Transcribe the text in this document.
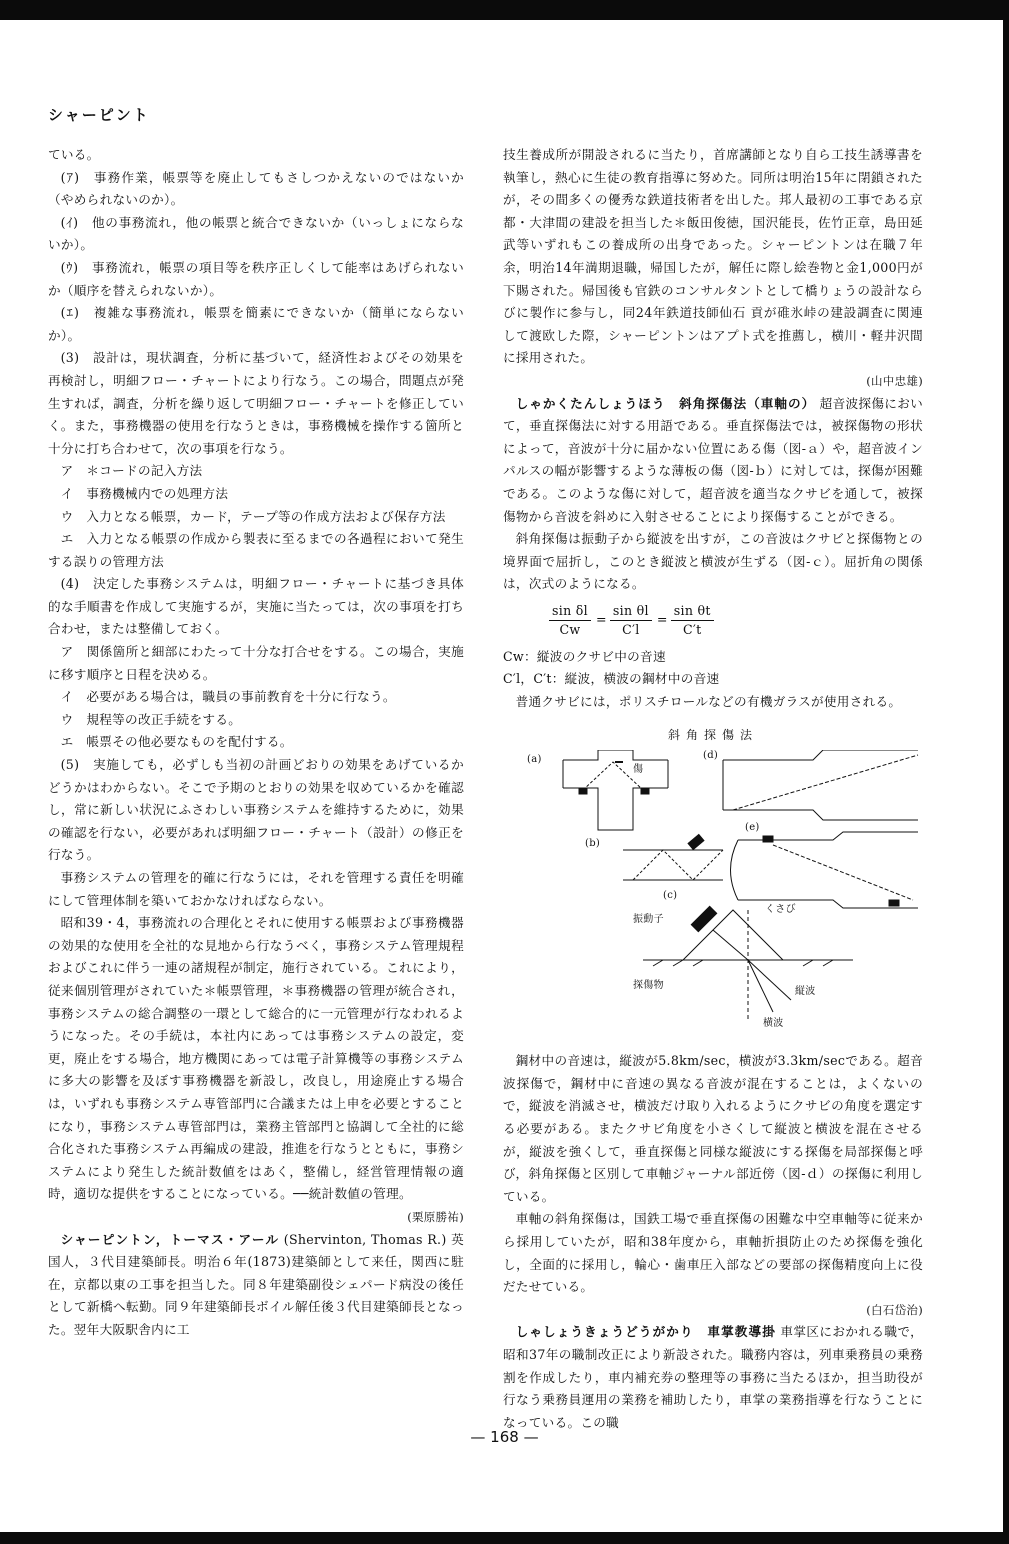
シャーピント

ている。

(ｱ)　事務作業，帳票等を廃止してもさしつかえないのではないか（やめられないのか）。

(ｲ)　他の事務流れ，他の帳票と統合できないか（いっしょにならないか）。

(ｳ)　事務流れ，帳票の項目等を秩序正しくして能率はあげられないか（順序を替えられないか）。

(ｴ)　複雑な事務流れ，帳票を簡素にできないか（簡単にならないか）。

(3)　設計は，現状調査，分析に基づいて，経済性およびその効果を再検討し，明細フロー・チャートにより行なう。この場合，問題点が発生すれば，調査，分析を繰り返して明細フロー・チャートを修正していく。また，事務機器の使用を行なうときは，事務機械を操作する箇所と十分に打ち合わせて，次の事項を行なう。

ア　＊コードの記入方法

イ　事務機械内での処理方法

ウ　入力となる帳票，カード，テープ等の作成方法および保存方法

エ　入力となる帳票の作成から製表に至るまでの各過程において発生する誤りの管理方法

(4)　決定した事務システムは，明細フロー・チャートに基づき具体的な手順書を作成して実施するが，実施に当たっては，次の事項を打ち合わせ，または整備しておく。

ア　関係箇所と細部にわたって十分な打合せをする。この場合，実施に移す順序と日程を決める。

イ　必要がある場合は，職員の事前教育を十分に行なう。

ウ　規程等の改正手続をする。

エ　帳票その他必要なものを配付する。

(5)　実施しても，必ずしも当初の計画どおりの効果をあげているかどうかはわからない。そこで予期のとおりの効果を収めているかを確認し，常に新しい状況にふさわしい事務システムを維持するために，効果の確認を行ない，必要があれば明細フロー・チャート（設計）の修正を行なう。

事務システムの管理を的確に行なうには，それを管理する責任を明確にして管理体制を築いておかなければならない。

昭和39・4，事務流れの合理化とそれに使用する帳票および事務機器の効果的な使用を全社的な見地から行なうべく，事務システム管理規程およびこれに伴う一連の諸規程が制定，施行されている。これにより，従来個別管理がされていた＊帳票管理，＊事務機器の管理が統合され，事務システムの総合調整の一環として総合的に一元管理が行なわれるようになった。その手続は，本社内にあっては事務システムの設定，変更，廃止をする場合，地方機関にあっては電子計算機等の事務システムに多大の影響を及ぼす事務機器を新設し，改良し，用途廃止する場合は，いずれも事務システム専管部門に合議または上申を必要とすることになり，事務システム専管部門は，業務主管部門と協調して全社的に総合化された事務システム再編成の建設，推進を行なうとともに，事務システムにより発生した統計数値をはあく，整備し，経営管理情報の適時，適切な提供をすることになっている。──統計数値の管理。

(栗原勝祐)

シャーピントン，トーマス・アール (Shervinton, Thomas R.) 英国人，３代目建築師長。明治６年(1873)建築師として来任，関西に駐在，京都以東の工事を担当した。同８年建築副役シェパード病没の後任として新橋へ転勤。同９年建築師長ボイル解任後３代目建築師長となった。翌年大阪駅舎内に工

技生養成所が開設されるに当たり，首席講師となり自ら工技生誘導書を執筆し，熱心に生徒の教育指導に努めた。同所は明治15年に閉鎖されたが，その間多くの優秀な鉄道技術者を出した。邦人最初の工事である京都・大津間の建設を担当した＊飯田俊徳，国沢能長，佐竹正章，島田延武等いずれもこの養成所の出身であった。シャーピントンは在職７年余，明治14年満期退職，帰国したが，解任に際し絵巻物と金1,000円が下賜された。帰国後も官鉄のコンサルタントとして橋りょうの設計ならびに製作に参与し，同24年鉄道技師仙石 貢が碓氷峠の建設調査に関連して渡欧した際，シャーピントンはアプト式を推薦し，横川・軽井沢間に採用された。

(山中忠雄)

しゃかくたんしょうほう　斜角探傷法（車軸の） 超音波探傷において，垂直探傷法に対する用語である。垂直探傷法では，被探傷物の形状によって，音波が十分に届かない位置にある傷（図-ａ）や，超音波インパルスの幅が影響するような薄板の傷（図-ｂ）に対しては，探傷が困難である。このような傷に対して，超音波を適当なクサビを通して，被探傷物から音波を斜めに入射させることにより探傷することができる。

斜角探傷は振動子から縦波を出すが，この音波はクサビと探傷物との境界面で屈折し，このとき縦波と横波が生ずる（図-ｃ）。屈折角の関係は，次式のようになる。

$\frac{\text{sin δl}}{Cw} = \frac{\text{sin θl}}{C'l} = \frac{\text{sin θt}}{C't}$

Cw：縦波のクサビ中の音速

C′l，C′t：縦波，横波の鋼材中の音速

普通クサビには，ポリスチロールなどの有機ガラスが使用される。

斜角探傷法
(a)
傷
(d)
(b)
(e)
(c)
振動子
くさび
探傷物
縦波
横波

鋼材中の音速は，縦波が5.8km/sec，横波が3.3km/secである。超音波探傷で，鋼材中に音速の異なる音波が混在することは，よくないので，縦波を消滅させ，横波だけ取り入れるようにクサビの角度を選定する必要がある。またクサビ角度を小さくして縦波と横波を混在させるが，縦波を強くして，垂直探傷と同様な縦波にする探傷を局部探傷と呼び，斜角探傷と区別して車軸ジャーナル部近傍（図-ｄ）の探傷に利用している。

車軸の斜角探傷は，国鉄工場で垂直探傷の困難な中空車軸等に従来から採用していたが，昭和38年度から，車軸折損防止のため探傷を強化し，全面的に採用し，輪心・歯車圧入部などの要部の探傷精度向上に役だたせている。

(白石岱治)

しゃしょうきょうどうがかり　車掌教導掛 車掌区におかれる職で，昭和37年の職制改正により新設された。職務内容は，列車乗務員の乗務割を作成したり，車内補充券の整理等の事務に当たるほか，担当助役が行なう乗務員運用の業務を補助したり，車掌の業務指導を行なうことになっている。この職

— 168 —
